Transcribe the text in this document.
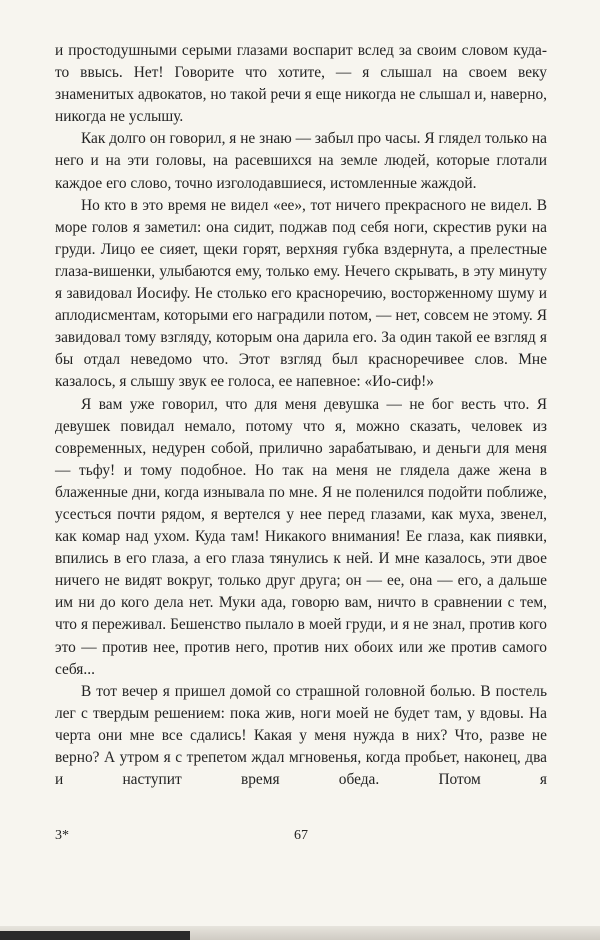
и простодушными серыми глазами воспарит вслед за своим словом куда-то ввысь. Нет! Говорите что хотите, — я слышал на своем веку знаменитых адвокатов, но такой речи я еще никогда не слышал и, наверно, никогда не услышу.

Как долго он говорил, я не знаю — забыл про часы. Я глядел только на него и на эти головы, на расевшихся на земле людей, которые глотали каждое его слово, точно изголодавшиеся, истомленные жаждой.

Но кто в это время не видел «ее», тот ничего прекрасного не видел. В море голов я заметил: она сидит, поджав под себя ноги, скрестив руки на груди. Лицо ее сияет, щеки горят, верхняя губка вздернута, а прелестные глаза-вишенки, улыбаются ему, только ему. Нечего скрывать, в эту минуту я завидовал Иосифу. Не столько его красноречию, восторженному шуму и аплодисментам, которыми его наградили потом, — нет, совсем не этому. Я завидовал тому взгляду, которым она дарила его. За один такой ее взгляд я бы отдал неведомо что. Этот взгляд был красноречивее слов. Мне казалось, я слышу звук ее голоса, ее напевное: «Ио-сиф!»

Я вам уже говорил, что для меня девушка — не бог весть что. Я девушек повидал немало, потому что я, можно сказать, человек из современных, недурен собой, прилично зарабатываю, и деньги для меня — тьфу! и тому подобное. Но так на меня не глядела даже жена в блаженные дни, когда изнывала по мне. Я не поленился подойти поближе, усесться почти рядом, я вертелся у нее перед глазами, как муха, звенел, как комар над ухом. Куда там! Никакого внимания! Ее глаза, как пиявки, впились в его глаза, а его глаза тянулись к ней. И мне казалось, эти двое ничего не видят вокруг, только друг друга; он — ее, она — его, а дальше им ни до кого дела нет. Муки ада, говорю вам, ничто в сравнении с тем, что я переживал. Бешенство пылало в моей груди, и я не знал, против кого это — против нее, против него, против них обоих или же против самого себя...

В тот вечер я пришел домой со страшной головной болью. В постель лег с твердым решением: пока жив, ноги моей не будет там, у вдовы. На черта они мне все сдались! Какая у меня нужда в них? Что, разве не верно? А утром я с трепетом ждал мгновенья, когда пробьет, наконец, два и наступит время обеда. Потом я

3*	67
